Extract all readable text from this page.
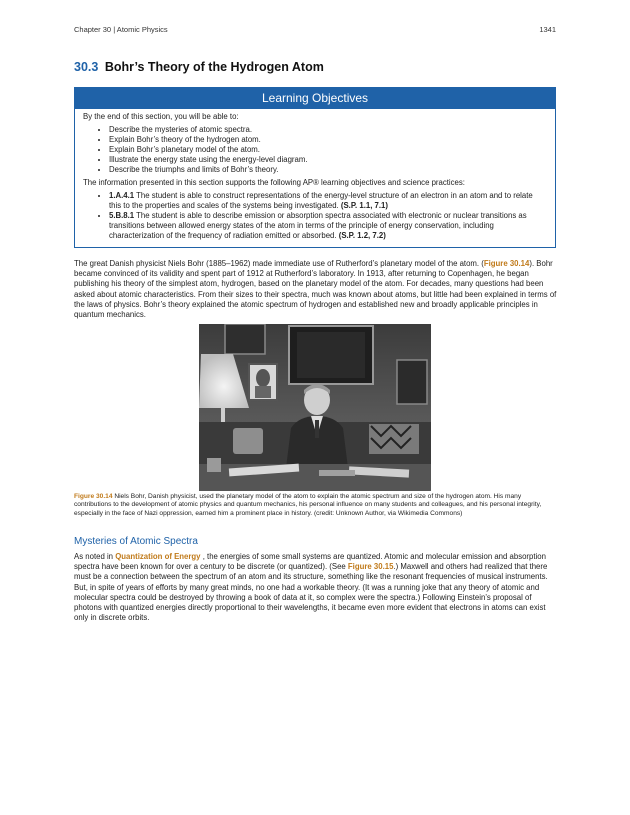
Chapter 30 | Atomic Physics	1341
30.3 Bohr’s Theory of the Hydrogen Atom
Learning Objectives

By the end of this section, you will be able to:

• Describe the mysteries of atomic spectra.
• Explain Bohr’s theory of the hydrogen atom.
• Explain Bohr’s planetary model of the atom.
• Illustrate the energy state using the energy-level diagram.
• Describe the triumphs and limits of Bohr’s theory.

The information presented in this section supports the following AP® learning objectives and science practices:

• 1.A.4.1 The student is able to construct representations of the energy-level structure of an electron in an atom and to relate this to the properties and scales of the systems being investigated. (S.P. 1.1, 7.1)
• 5.B.8.1 The student is able to describe emission or absorption spectra associated with electronic or nuclear transitions as transitions between allowed energy states of the atom in terms of the principle of energy conservation, including characterization of the frequency of radiation emitted or absorbed. (S.P. 1.2, 7.2)

The great Danish physicist Niels Bohr (1885–1962) made immediate use of Rutherford’s planetary model of the atom. (Figure 30.14). Bohr became convinced of its validity and spent part of 1912 at Rutherford’s laboratory. In 1913, after returning to Copenhagen, he began publishing his theory of the simplest atom, hydrogen, based on the planetary model of the atom. For decades, many questions had been asked about atomic characteristics. From their sizes to their spectra, much was known about atoms, but little had been explained in terms of the laws of physics. Bohr’s theory explained the atomic spectrum of hydrogen and established new and broadly applicable principles in quantum mechanics.

Figure 30.14 Niels Bohr, Danish physicist, used the planetary model of the atom to explain the atomic spectrum and size of the hydrogen atom. His many contributions to the development of atomic physics and quantum mechanics, his personal influence on many students and colleagues, and his personal integrity, especially in the face of Nazi oppression, earned him a prominent place in history. (credit: Unknown Author, via Wikimedia Commons)

Mysteries of Atomic Spectra

As noted in Quantization of Energy , the energies of some small systems are quantized. Atomic and molecular emission and absorption spectra have been known for over a century to be discrete (or quantized). (See Figure 30.15.) Maxwell and others had realized that there must be a connection between the spectrum of an atom and its structure, something like the resonant frequencies of musical instruments. But, in spite of years of efforts by many great minds, no one had a workable theory. (It was a running joke that any theory of atomic and molecular spectra could be destroyed by throwing a book of data at it, so complex were the spectra.) Following Einstein’s proposal of photons with quantized energies directly proportional to their wavelengths, it became even more evident that electrons in atoms can exist only in discrete orbits.
